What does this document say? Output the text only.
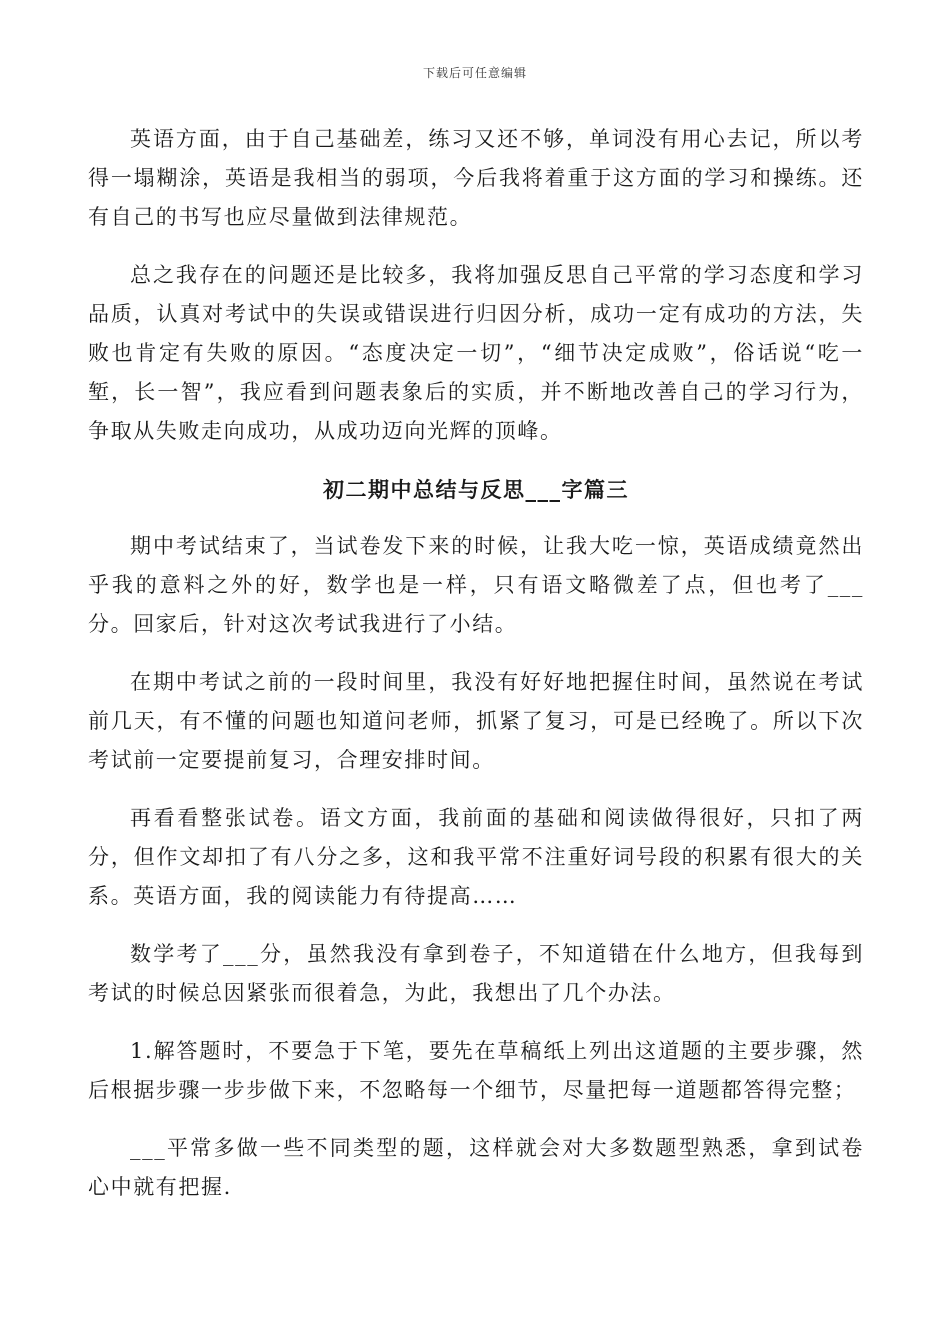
下载后可任意编辑

英语方面，由于自己基础差，练习又还不够，单词没有用心去记，所以考得一塌糊涂，英语是我相当的弱项，今后我将着重于这方面的学习和操练。还有自己的书写也应尽量做到法律规范。

总之我存在的问题还是比较多，我将加强反思自己平常的学习态度和学习品质，认真对考试中的失误或错误进行归因分析，成功一定有成功的方法，失败也肯定有失败的原因。“态度决定一切”，“细节决定成败”，俗话说“吃一堑，长一智”，我应看到问题表象后的实质，并不断地改善自己的学习行为，争取从失败走向成功，从成功迈向光辉的顶峰。

初二期中总结与反思___字篇三

期中考试结束了，当试卷发下来的时候，让我大吃一惊，英语成绩竟然出乎我的意料之外的好，数学也是一样，只有语文略微差了点，但也考了___分。回家后，针对这次考试我进行了小结。

在期中考试之前的一段时间里，我没有好好地把握住时间，虽然说在考试前几天，有不懂的问题也知道问老师，抓紧了复习，可是已经晚了。所以下次考试前一定要提前复习，合理安排时间。

再看看整张试卷。语文方面，我前面的基础和阅读做得很好，只扣了两分，但作文却扣了有八分之多，这和我平常不注重好词号段的积累有很大的关系。英语方面，我的阅读能力有待提高……

数学考了___分，虽然我没有拿到卷子，不知道错在什么地方，但我每到考试的时候总因紧张而很着急，为此，我想出了几个办法。

1.解答题时，不要急于下笔，要先在草稿纸上列出这道题的主要步骤，然后根据步骤一步步做下来，不忽略每一个细节，尽量把每一道题都答得完整；

___平常多做一些不同类型的题，这样就会对大多数题型熟悉，拿到试卷心中就有把握.
